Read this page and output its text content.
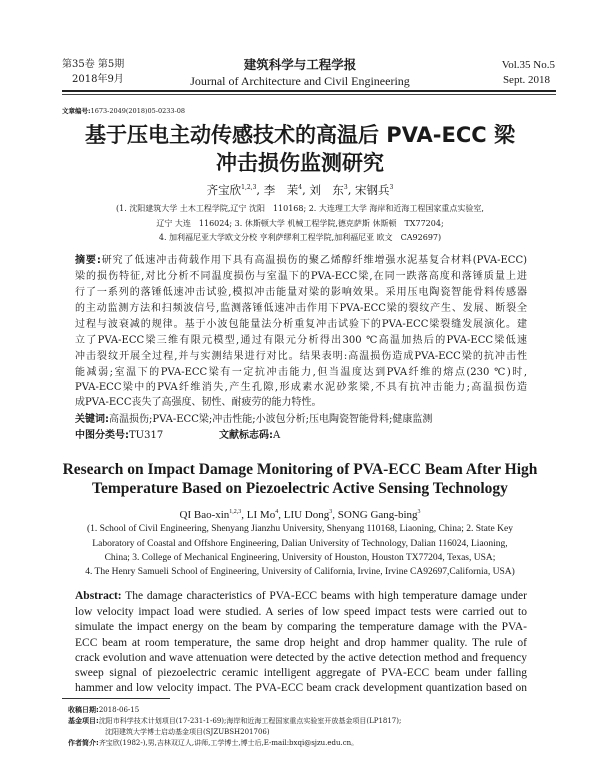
第35卷 第5期
2018年9月
建筑科学与工程学报
Journal of Architecture and Civil Engineering
Vol.35 No.5
Sept. 2018
文章编号:1673-2049(2018)05-0233-08
基于压电主动传感技术的高温后 PVA-ECC 梁
冲击损伤监测研究
齐宝欣$^{1,2,3}$, 李　茉$^4$, 刘　东$^3$, 宋钢兵$^3$
(1. 沈阳建筑大学 土木工程学院,辽宁 沈阳　110168; 2. 大连理工大学 海岸和近海工程国家重点实验室,
辽宁 大连　116024; 3. 休斯顿大学 机械工程学院,德克萨斯 休斯顿　TX77204;
4. 加利福尼亚大学欧文分校 亨利萨缪利工程学院,加利福尼亚 欧文　CA92697)
摘要:研究了低速冲击荷载作用下具有高温损伤的聚乙烯醇纤维增强水泥基复合材料(PVA-ECC)
梁的损伤特征,对比分析不同温度损伤与室温下的PVA-ECC梁,在同一跌落高度和落锤质量上进
行了一系列的落锤低速冲击试验,模拟冲击能量对梁的影响效果。采用压电陶瓷智能骨料传感器
的主动监测方法和扫频波信号,监测落锤低速冲击作用下PVA-ECC梁的裂纹产生、发展、断裂全
过程与波衰减的规律。基于小波包能量法分析重复冲击试验下的PVA-ECC梁裂缝发展演化。建
立了PVA-ECC梁三维有限元模型,通过有限元分析得出300 ℃高温加热后的PVA-ECC梁低速
冲击裂纹开展全过程,并与实测结果进行对比。结果表明:高温损伤造成PVA-ECC梁的抗冲击性
能减弱;室温下的PVA-ECC梁有一定抗冲击能力,但当温度达到PVA纤维的熔点(230 ℃)时,
PVA-ECC梁中的PVA纤维消失,产生孔隙,形成素水泥砂浆梁,不具有抗冲击能力;高温损伤造
成PVA-ECC丧失了高强度、韧性、耐疲劳的能力特性。
关键词:高温损伤;PVA-ECC梁;冲击性能;小波包分析;压电陶瓷智能骨料;健康监测
中图分类号:TU317	文献标志码:A
Research on Impact Damage Monitoring of PVA-ECC Beam After High
Temperature Based on Piezoelectric Active Sensing Technology
QI Bao-xin$^{1,2,3}$, LI Mo$^4$, LIU Dong$^3$, SONG Gang-bing$^3$
(1. School of Civil Engineering, Shenyang Jianzhu University, Shenyang 110168, Liaoning, China; 2. State Key
Laboratory of Coastal and Offshore Engineering, Dalian University of Technology, Dalian 116024, Liaoning,
China; 3. College of Mechanical Engineering, University of Houston, Houston TX77204, Texas, USA;
4. The Henry Samueli School of Engineering, University of California, Irvine, Irvine CA92697,California, USA)
Abstract: The damage characteristics of PVA-ECC beams with high temperature damage under
low velocity impact load were studied. A series of low speed impact tests were carried out to
simulate the impact energy on the beam by comparing the temperature damage with the PVA-
ECC beam at room temperature, the same drop height and drop hammer quality. The rule of
crack evolution and wave attenuation were detected by the active detection method and frequency
sweep signal of piezoelectric ceramic intelligent aggregate of PVA-ECC beam under falling
hammer and low velocity impact. The PVA-ECC beam crack development quantization based on
收稿日期:2018-06-15
基金项目:沈阳市科学技术计划项目(17-231-1-69);海岸和近海工程国家重点实验室开放基金项目(LP1817);
沈阳建筑大学博士启动基金项目(SJZUBSH201706)
作者简介:齐宝欣(1982-),男,吉林双辽人,讲师,工学博士,博士后,E-mail:bxqi@sjzu.edu.cn。
